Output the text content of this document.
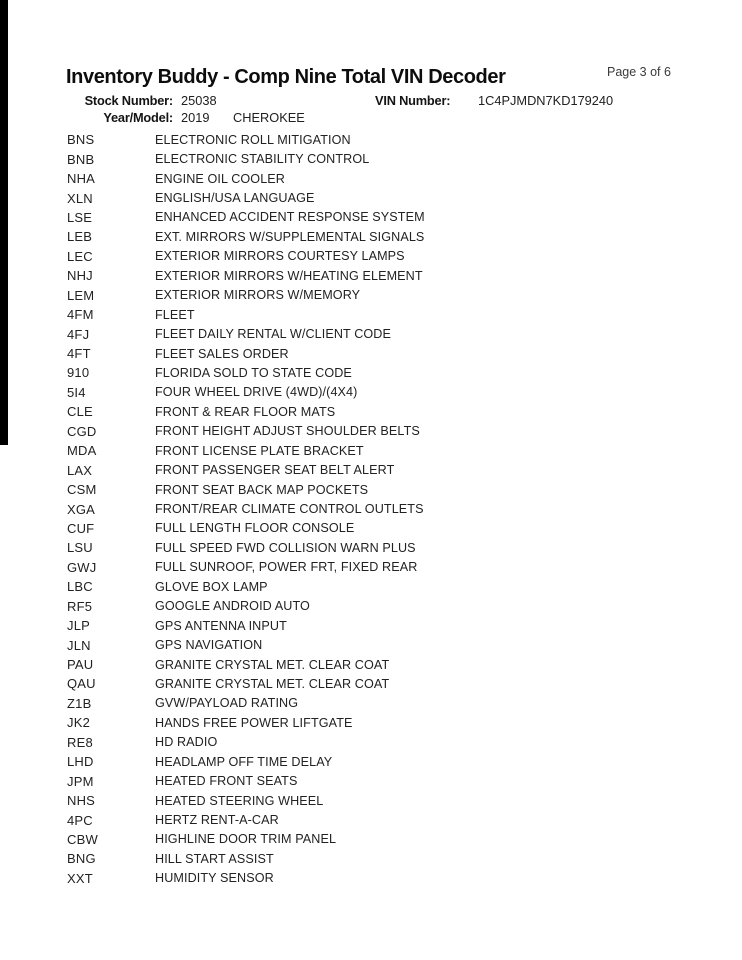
Inventory Buddy - Comp Nine Total VIN Decoder	Page 3 of 6
Stock Number: 25038	VIN Number: 1C4PJMDN7KD179240
Year/Model: 2019 CHEROKEE
BNS	ELECTRONIC ROLL MITIGATION
BNB	ELECTRONIC STABILITY CONTROL
NHA	ENGINE OIL COOLER
XLN	ENGLISH/USA LANGUAGE
LSE	ENHANCED ACCIDENT RESPONSE SYSTEM
LEB	EXT. MIRRORS W/SUPPLEMENTAL SIGNALS
LEC	EXTERIOR MIRRORS COURTESY LAMPS
NHJ	EXTERIOR MIRRORS W/HEATING ELEMENT
LEM	EXTERIOR MIRRORS W/MEMORY
4FM	FLEET
4FJ	FLEET DAILY RENTAL W/CLIENT CODE
4FT	FLEET SALES ORDER
910	FLORIDA SOLD TO STATE CODE
5I4	FOUR WHEEL DRIVE (4WD)/(4X4)
CLE	FRONT & REAR FLOOR MATS
CGD	FRONT HEIGHT ADJUST SHOULDER BELTS
MDA	FRONT LICENSE PLATE BRACKET
LAX	FRONT PASSENGER SEAT BELT ALERT
CSM	FRONT SEAT BACK MAP POCKETS
XGA	FRONT/REAR CLIMATE CONTROL OUTLETS
CUF	FULL LENGTH FLOOR CONSOLE
LSU	FULL SPEED FWD COLLISION WARN PLUS
GWJ	FULL SUNROOF, POWER FRT, FIXED REAR
LBC	GLOVE BOX LAMP
RF5	GOOGLE ANDROID AUTO
JLP	GPS ANTENNA INPUT
JLN	GPS NAVIGATION
PAU	GRANITE CRYSTAL MET. CLEAR COAT
QAU	GRANITE CRYSTAL MET. CLEAR COAT
Z1B	GVW/PAYLOAD RATING
JK2	HANDS FREE POWER LIFTGATE
RE8	HD RADIO
LHD	HEADLAMP OFF TIME DELAY
JPM	HEATED FRONT SEATS
NHS	HEATED STEERING WHEEL
4PC	HERTZ RENT-A-CAR
CBW	HIGHLINE DOOR TRIM PANEL
BNG	HILL START ASSIST
XXT	HUMIDITY SENSOR
